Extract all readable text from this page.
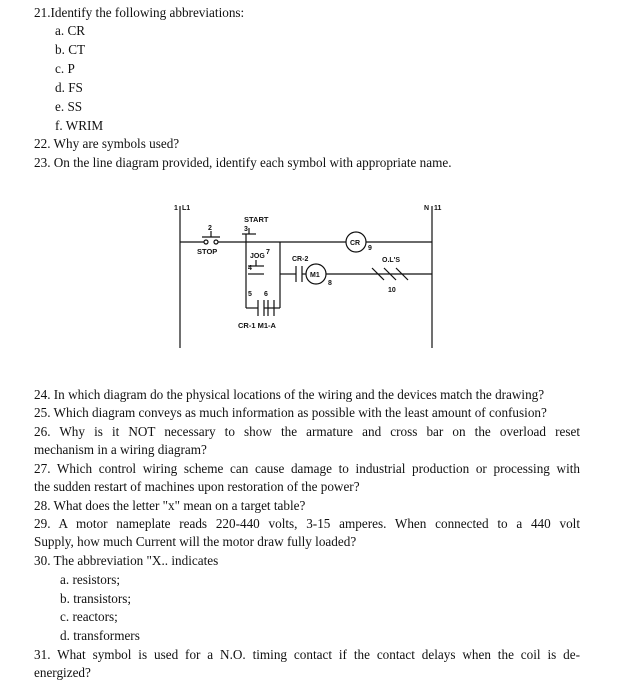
21.Identify the following abbreviations:
a. CR
b. CT
c. P
d. FS
e. SS
f. WRIM
22. Why are symbols used?
23. On the line diagram provided, identify each symbol with appropriate name.
1 L1	N 11
START
3
2
STOP
JOG
4
7
CR-2
CR
9
M1
8
O.L'S
10
5 6
CR-1 M1-A
24. In which diagram do the physical locations of the wiring and the devices match the drawing?
25. Which diagram conveys as much information as possible with the least amount of confusion?
26. Why is it NOT necessary to show the armature and cross bar on the overload reset
mechanism in a wiring diagram?
27. Which control wiring scheme can cause damage to industrial production or processing with
the sudden restart of machines upon restoration of the power?
28. What does the letter "x" mean on a target table?
29. A motor nameplate reads 220-440 volts, 3-15 amperes. When connected to a 440 volt
Supply, how much Current will the motor draw fully loaded?
30. The abbreviation "X.. indicates
a. resistors;
b. transistors;
c. reactors;
d. transformers
31. What symbol is used for a N.O. timing contact if the contact delays when the coil is de-
energized?
